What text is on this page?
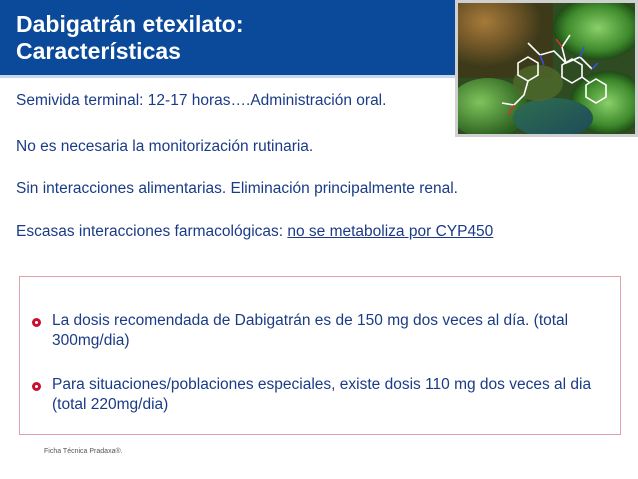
Dabigatrán etexilato:
Características
Semivida terminal: 12-17 horas….Administración oral.
No es necesaria la monitorización rutinaria.
Sin interacciones alimentarias. Eliminación principalmente renal.
Escasas interacciones farmacológicas: no se metaboliza por CYP450
La dosis recomendada de Dabigatrán es de 150 mg dos veces al día. (total 300mg/dia)
Para situaciones/poblaciones especiales, existe dosis 110 mg dos veces al dia (total 220mg/dia)
Ficha Técnica Pradaxa®.
